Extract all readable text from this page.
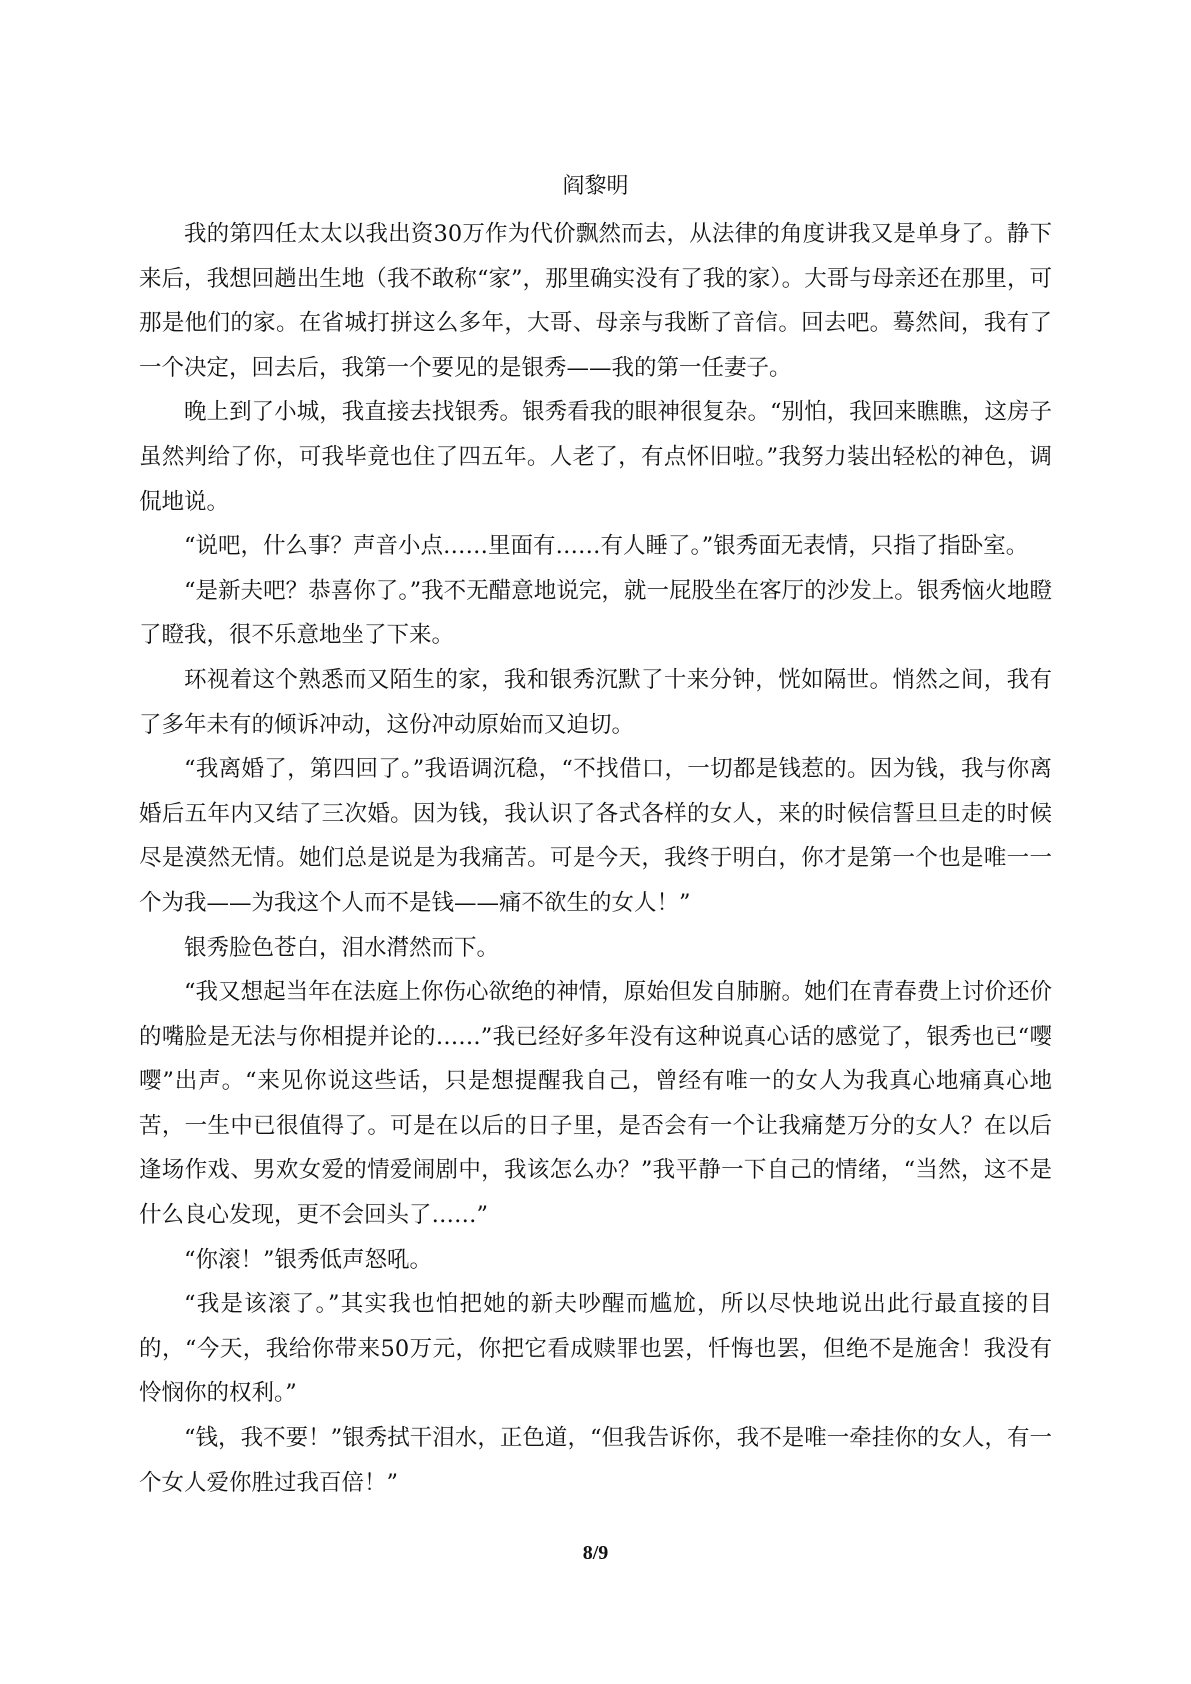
阎黎明

我的第四任太太以我出资30万作为代价飘然而去，从法律的角度讲我又是单身了。静下来后，我想回趟出生地（我不敢称“家”，那里确实没有了我的家）。大哥与母亲还在那里，可那是他们的家。在省城打拼这么多年，大哥、母亲与我断了音信。回去吧。蓦然间，我有了一个决定，回去后，我第一个要见的是银秀——我的第一任妻子。

晚上到了小城，我直接去找银秀。银秀看我的眼神很复杂。“别怕，我回来瞧瞧，这房子虽然判给了你，可我毕竟也住了四五年。人老了，有点怀旧啦。”我努力装出轻松的神色，调侃地说。

“说吧，什么事？声音小点……里面有……有人睡了。”银秀面无表情，只指了指卧室。

“是新夫吧？恭喜你了。”我不无醋意地说完，就一屁股坐在客厅的沙发上。银秀恼火地瞪了瞪我，很不乐意地坐了下来。

环视着这个熟悉而又陌生的家，我和银秀沉默了十来分钟，恍如隔世。悄然之间，我有了多年未有的倾诉冲动，这份冲动原始而又迫切。

“我离婚了，第四回了。”我语调沉稳，“不找借口，一切都是钱惹的。因为钱，我与你离婚后五年内又结了三次婚。因为钱，我认识了各式各样的女人，来的时候信誓旦旦走的时候尽是漠然无情。她们总是说是为我痛苦。可是今天，我终于明白，你才是第一个也是唯一一个为我——为我这个人而不是钱——痛不欲生的女人！”

银秀脸色苍白，泪水潸然而下。

“我又想起当年在法庭上你伤心欲绝的神情，原始但发自肺腑。她们在青春费上讨价还价的嘴脸是无法与你相提并论的……”我已经好多年没有这种说真心话的感觉了，银秀也已“嘤嘤”出声。“来见你说这些话，只是想提醒我自己，曾经有唯一的女人为我真心地痛真心地苦，一生中已很值得了。可是在以后的日子里，是否会有一个让我痛楚万分的女人？在以后逢场作戏、男欢女爱的情爱闹剧中，我该怎么办？”我平静一下自己的情绪，“当然，这不是什么良心发现，更不会回头了……”

“你滚！”银秀低声怒吼。

“我是该滚了。”其实我也怕把她的新夫吵醒而尴尬，所以尽快地说出此行最直接的目的，“今天，我给你带来50万元，你把它看成赎罪也罢，忏悔也罢，但绝不是施舍！我没有怜悯你的权利。”

“钱，我不要！”银秀拭干泪水，正色道，“但我告诉你，我不是唯一牵挂你的女人，有一个女人爱你胜过我百倍！”

8/9
